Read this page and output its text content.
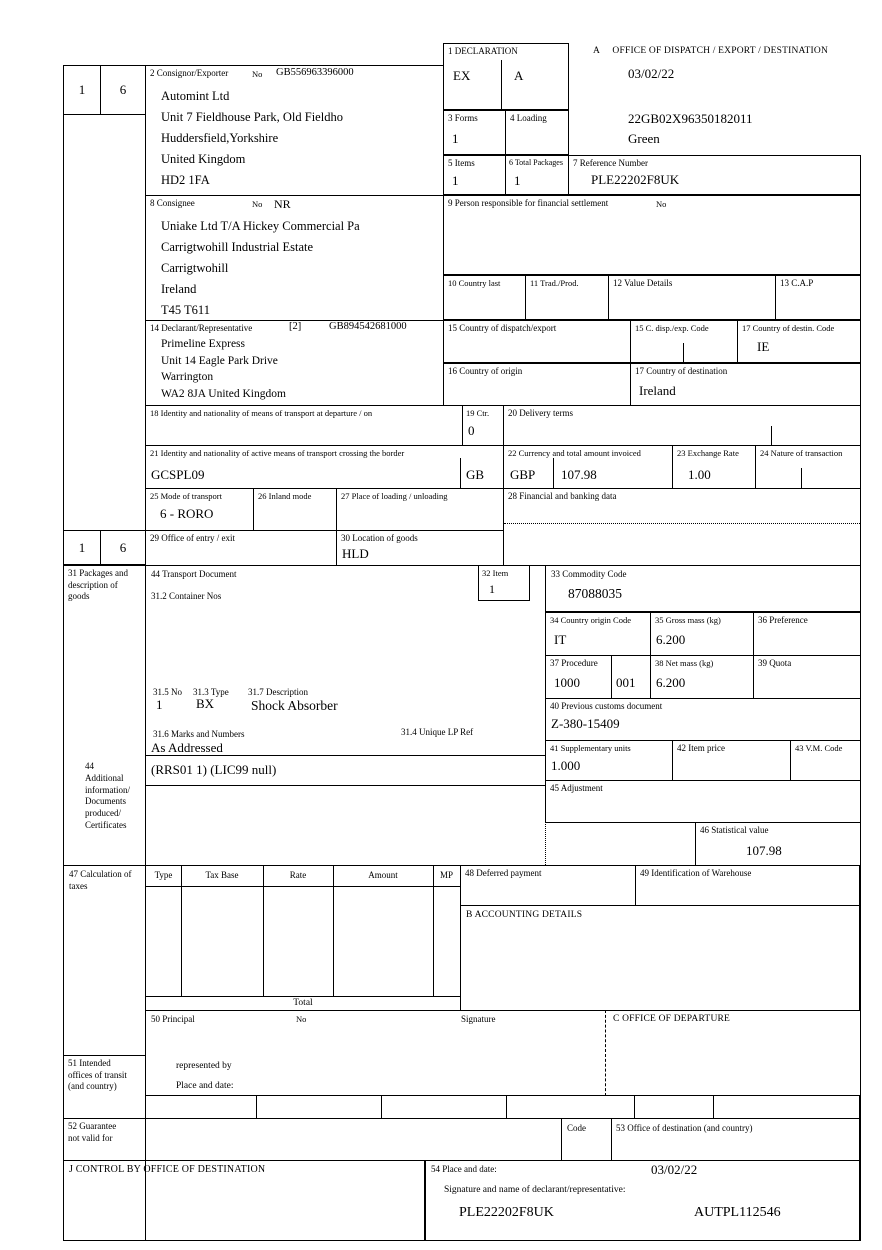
1	6
1	6
1 DECLARATION
EX	A
A     OFFICE OF DISPATCH / EXPORT / DESTINATION
03/02/22
22GB02X96350182011
Green
2 Consignor/Exporter	No GB556963396000
Automint Ltd
Unit 7 Fieldhouse Park, Old Fieldho
Huddersfield,Yorkshire
United Kingdom
HD2 1FA
3 Forms
1
4 Loading
5 Items
1
6 Total Packages
1
7 Reference Number
PLE22202F8UK
8 Consignee	No NR
Uniake Ltd T/A Hickey Commercial Pa
Carrigtwohill Industrial Estate
Carrigtwohill
Ireland
T45 T611
9 Person responsible for financial settlement	No
10 Country last	11 Trad./Prod.	12 Value Details	13 C.A.P
14 Declarant/Representative	[2]	GB894542681000
Primeline Express
Unit 14 Eagle Park Drive
Warrington
WA2 8JA United Kingdom
15 Country of dispatch/export	15 C. disp./exp. Code	17 Country of destin. Code
IE
16 Country of origin	17 Country of destination
Ireland
18 Identity and nationality of means of transport at departure / on	19 Ctr.
0
20 Delivery terms
21 Identity and nationality of active means of transport crossing the border
GCSPL09	GB
22 Currency and total amount invoiced
GBP 107.98
23 Exchange Rate
1.00
24 Nature of transaction
25 Mode of transport
6 - RORO
26 Inland mode	27 Place of loading / unloading	28 Financial and banking data
29 Office of entry / exit	30 Location of goods
HLD
31 Packages and description of goods
44
Additional information/ Documents produced/ Certificates
44 Transport Document
31.2 Container Nos
31.5 No
1
31.3 Type
BX
31.7 Description
Shock Absorber
31.4 Unique LP Ref
31.6 Marks and Numbers
As Addressed
(RRS01 1) (LIC99 null)
32 Item
1
33 Commodity Code
87088035
34 Country origin Code
IT
35 Gross mass (kg)
6.200
36 Preference
37 Procedure
1000	001
38 Net mass (kg)
6.200
39 Quota
40 Previous customs document
Z-380-15409
41 Supplementary units
1.000
42 Item price	43 V.M. Code
45 Adjustment
46 Statistical value
107.98
47 Calculation of taxes
Type	Tax Base	Rate	Amount	MP
Total
48 Deferred payment	49 Identification of Warehouse
B ACCOUNTING DETAILS
50 Principal	No	Signature
represented by
Place and date:
C OFFICE OF DEPARTURE
51 Intended offices of transit (and country)
52 Guarantee not valid for
Code	53 Office of destination (and country)
J CONTROL BY OFFICE OF DESTINATION	54 Place and date:	03/02/22
Signature and name of declarant/representative:
PLE22202F8UK	AUTPL112546
